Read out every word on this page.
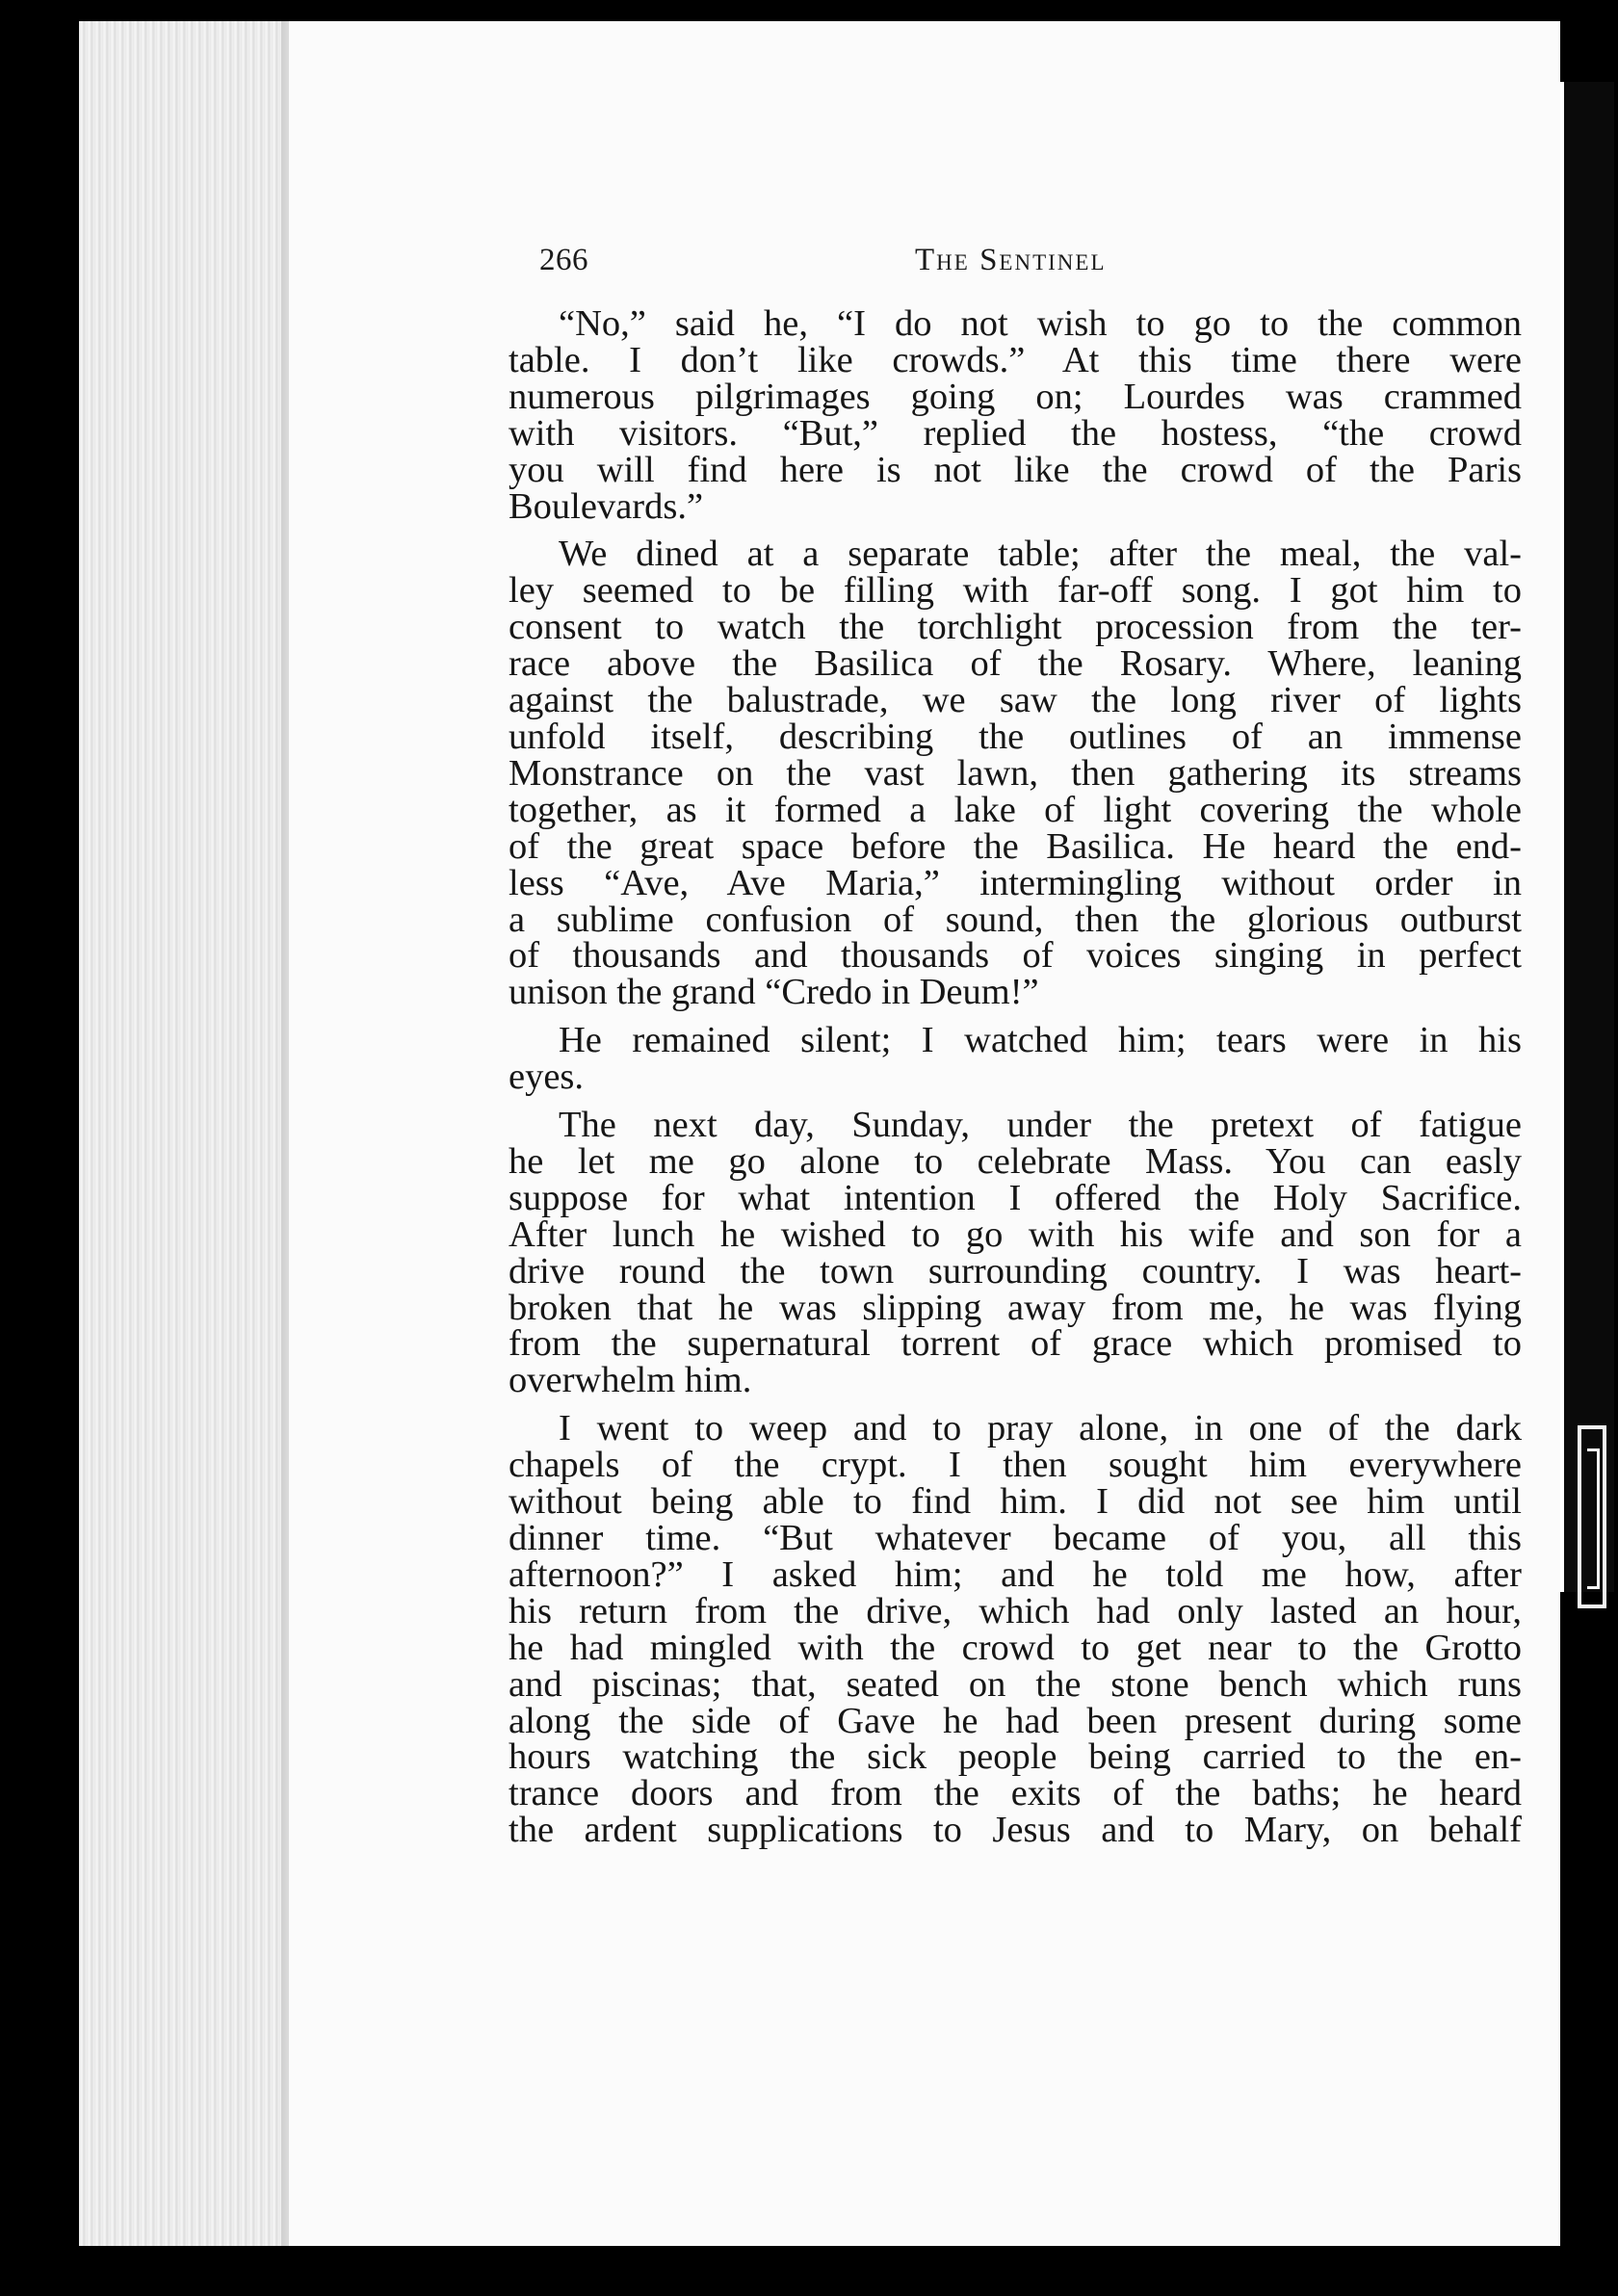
266	The Sentinel
“No,” said he, “I do not wish to go to the common
table. I don’t like crowds.” At this time there were
numerous pilgrimages going on; Lourdes was crammed
with visitors. “But,” replied the hostess, “the crowd
you will find here is not like the crowd of the Paris
Boulevards.”
We dined at a separate table; after the meal, the val-
ley seemed to be filling with far-off song. I got him to
consent to watch the torchlight procession from the ter-
race above the Basilica of the Rosary. Where, leaning
against the balustrade, we saw the long river of lights
unfold itself, describing the outlines of an immense
Monstrance on the vast lawn, then gathering its streams
together, as it formed a lake of light covering the whole
of the great space before the Basilica. He heard the end-
less “Ave, Ave Maria,” intermingling without order in
a sublime confusion of sound, then the glorious outburst
of thousands and thousands of voices singing in perfect
unison the grand “Credo in Deum!”
He remained silent; I watched him; tears were in his
eyes.
The next day, Sunday, under the pretext of fatigue
he let me go alone to celebrate Mass. You can easly
suppose for what intention I offered the Holy Sacrifice.
After lunch he wished to go with his wife and son for a
drive round the town surrounding country. I was heart-
broken that he was slipping away from me, he was flying
from the supernatural torrent of grace which promised to
overwhelm him.
I went to weep and to pray alone, in one of the dark
chapels of the crypt. I then sought him everywhere
without being able to find him. I did not see him until
dinner time. “But whatever became of you, all this
afternoon?” I asked him; and he told me how, after
his return from the drive, which had only lasted an hour,
he had mingled with the crowd to get near to the Grotto
and piscinas; that, seated on the stone bench which runs
along the side of Gave he had been present during some
hours watching the sick people being carried to the en-
trance doors and from the exits of the baths; he heard
the ardent supplications to Jesus and to Mary, on behalf
